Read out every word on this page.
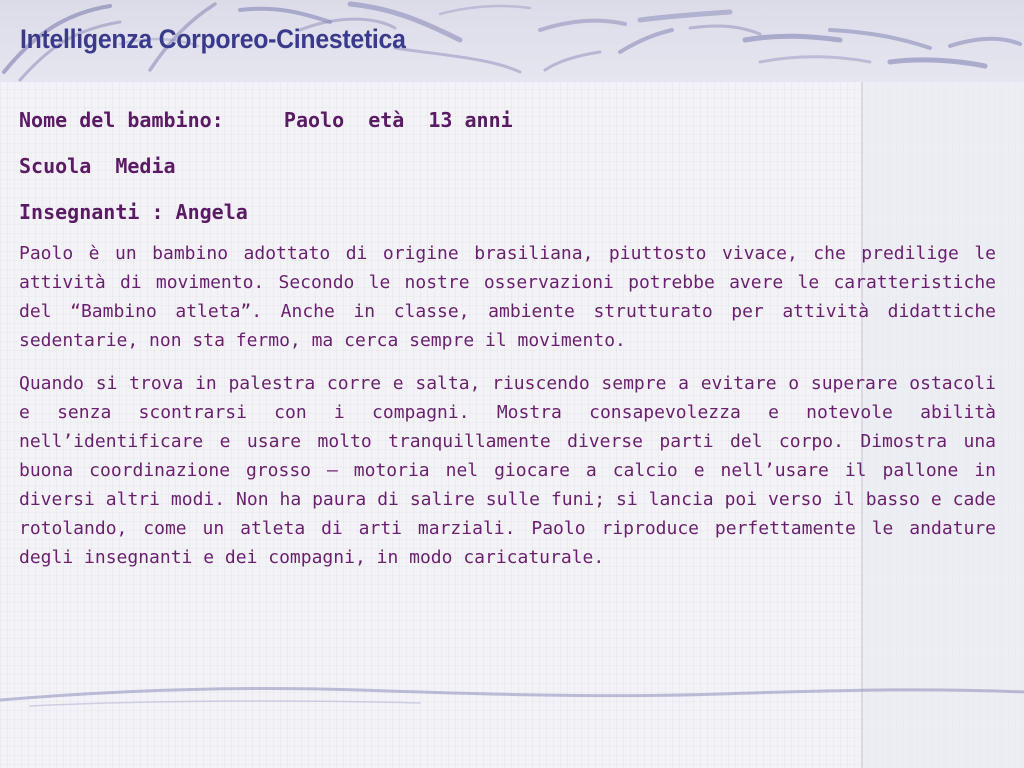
Intelligenza Corporeo-Cinestetica

Nome del bambino:     Paolo  età  13 anni

Scuola  Media

Insegnanti : Angela

Paolo è un bambino adottato di origine brasiliana, piuttosto vivace, che predilige le attività di movimento. Secondo le nostre osservazioni potrebbe avere le caratteristiche del “Bambino atleta”. Anche in classe, ambiente strutturato per attività didattiche sedentarie, non sta fermo, ma cerca sempre il movimento.

Quando si trova in palestra corre e salta, riuscendo sempre a evitare o superare ostacoli e senza scontrarsi con i compagni. Mostra consapevolezza e notevole abilità nell’identificare e usare molto tranquillamente diverse parti del corpo. Dimostra una buona coordinazione grosso – motoria nel giocare a calcio e nell’usare il pallone in diversi altri modi. Non ha paura di salire sulle funi; si lancia poi verso il basso e cade rotolando, come un atleta di arti marziali. Paolo riproduce perfettamente le andature degli insegnanti e dei compagni, in modo caricaturale.
